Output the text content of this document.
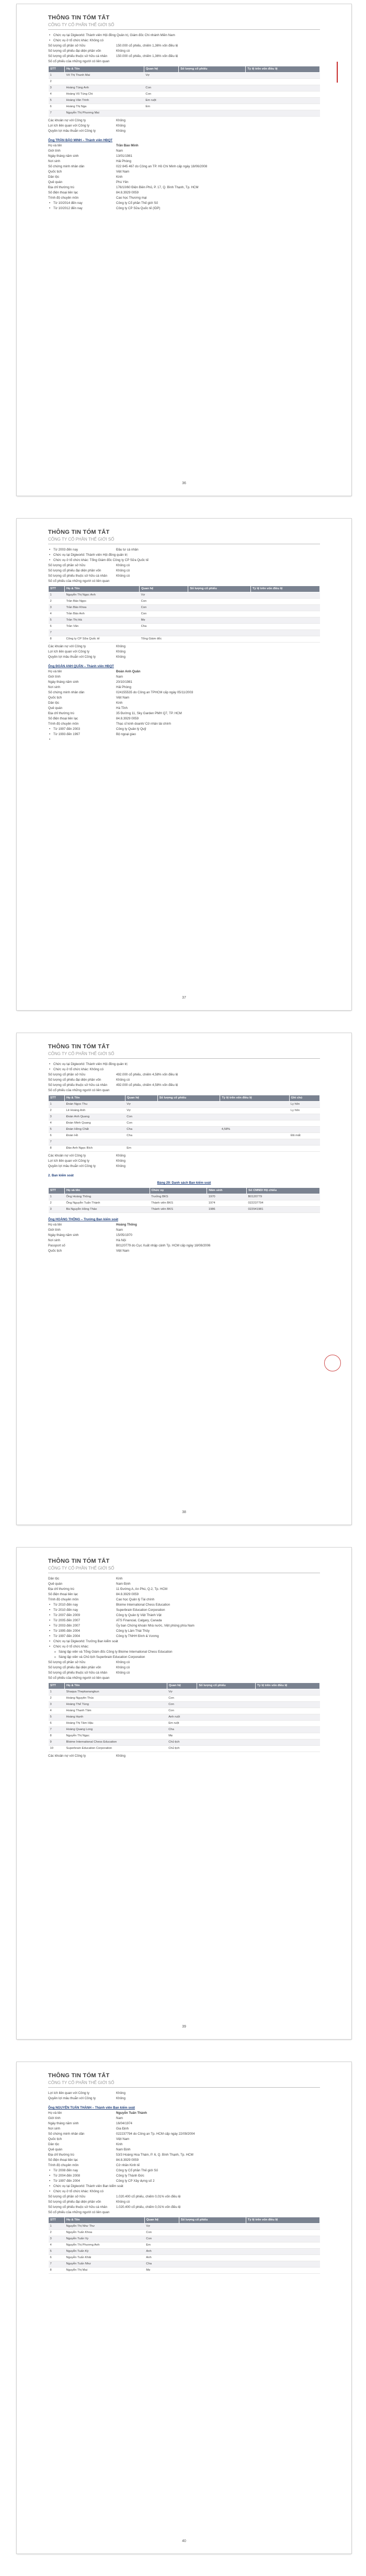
THÔNG TIN TÓM TẮT
CÔNG TY CỔ PHẦN THẾ GIỚI SỐ
• Chức vụ tại Digiworld: Thành viên Hội đồng Quản trị, Giám đốc Chi nhánh Miền Nam
• Chức vụ ở tổ chức khác: Không có
Số lượng cổ phần sở hữu	150.000 cổ phiếu, chiếm 1,36% vốn điều lệ
Số lượng cổ phiếu đại diện phần vốn	Không có
Số lượng cổ phiếu thuộc sở hữu cá nhân	150.000 cổ phiếu, chiếm 1,36% vốn điều lệ
Số cổ phiếu của những người có liên quan
STT	Họ & Tên	Quan hệ	Số lượng cổ phiếu	Tỷ lệ trên vốn điều lệ
1	Võ Thị Thanh Mai	Vợ		
2				
3	Hoàng Tùng Anh	Con		
4	Hoàng Vũ Tùng Chi	Con		
5	Hoàng Văn Trinh	Em ruột		
6	Hoàng Thị Nga	Em		
7	Nguyễn Thị Phương Mai			
Các khoản nợ với Công ty	Không
Lợi ích liên quan với Công ty	Không
Quyền lợi mâu thuẫn với Công ty	Không
Ông TRẦN BẢO MINH – Thành viên HĐQT
Họ và tên	Trần Bảo Minh
Giới tính	Nam
Ngày tháng năm sinh	13/01/1981
Nơi sinh	Hải Phòng
Số chứng minh nhân dân	022 845 467 do Công an TP. Hồ Chí Minh cấp ngày 18/06/2008
Quốc tịch	Việt Nam
Dân tộc	Kinh
Quê quán	Phú Yên
Địa chỉ thường trú	176/10/60 Điện Biên Phủ, P. 17, Q. Bình Thạnh, Tp. HCM
Số điện thoại liên lạc	84.8.3929 0059
Trình độ chuyên môn	Cao học Thương mại
• Từ 10/2014 đến nay	Công ty Cổ phần Thế giới Số
• Từ 10/2012 đến nay	Công ty CP Sữa Quốc tế (IDP)
36
THÔNG TIN TÓM TẮT
CÔNG TY CỔ PHẦN THẾ GIỚI SỐ
• Từ 2003 đến nay	Đầu tư cá nhân
• Chức vụ tại Digiworld: Thành viên Hội đồng quản trị
• Chức vụ ở tổ chức khác: Tổng Giám đốc Công ty CP Sữa Quốc tế
Số lượng cổ phần sở hữu	Không có
Số lượng cổ phiếu đại diện phần vốn	Không có
Số lượng cổ phiếu thuộc sở hữu cá nhân	Không có
Số cổ phiếu của những người có liên quan
STT	Họ & Tên	Quan hệ	Số lượng cổ phiếu	Tỷ lệ trên vốn điều lệ
1	Nguyễn Thị Ngọc Anh	Vợ		
2	Trần Bảo Ngọc	Con		
3	Trần Bảo Khoa	Con		
4	Trần Bảo Anh	Con		
5	Trần Thị Hà	Mẹ		
6	Trần Văn	Cha		
7				
8	Công ty CP Sữa Quốc tế	Tổng Giám đốc		
Các khoản nợ với Công ty	Không
Lợi ích liên quan với Công ty	Không
Quyền lợi mâu thuẫn với Công ty	Không
Ông ĐOÀN ANH QUÂN – Thành viên HĐQT
Họ và tên	Đoàn Anh Quân
Giới tính	Nam
Ngày tháng năm sinh	20/10/1981
Nơi sinh	Hải Phòng
Số chứng minh nhân dân	024155535 do Công an TPHCM cấp ngày 05/11/2003
Quốc tịch	Việt Nam
Dân tộc	Kinh
Quê quán	Hà Tĩnh
Địa chỉ thường trú	35 Đường 11, Sky Garden PMH Q7, TP. HCM
Số điện thoại liên lạc	84.8.3929 0059
Trình độ chuyên môn	Thạc sĩ kinh doanh/ Cử nhân tài chính
• Từ 1997 đến 2003	Công ty Quản lý Quỹ
• Từ 1993 đến 1997	Bộ ngoại giao
37
THÔNG TIN TÓM TẮT
CÔNG TY CỔ PHẦN THẾ GIỚI SỐ
• Chức vụ tại Digiworld: Thành viên Hội đồng quản trị
• Chức vụ ở tổ chức khác: Không có
Số lượng cổ phần sở hữu	492.000 cổ phiếu, chiếm 4,58% vốn điều lệ
Số lượng cổ phiếu đại diện phần vốn	Không có
Số lượng cổ phiếu thuộc sở hữu cá nhân	492.000 cổ phiếu, chiếm 4,58% vốn điều lệ
Số cổ phiếu của những người có liên quan
STT	Họ & Tên	Quan hệ	Số lượng cổ phiếu	Tỷ lệ trên vốn điều lệ	Ghi chú
1	Đoàn Ngọc Thu	Vợ			Ly hôn
2	Lê Hoàng Anh	Vợ			Ly hôn
3	Đoàn Anh Quang	Con			
4	Đoàn Minh Quang	Con			
5	Đoàn Hồng Chất	Cha		4,58%	
6	Đoàn Hồ	Cha			Đã mất
7					
8	Đào Anh Ngọc Bích	Em			
Các khoản nợ với Công ty	Không
Lợi ích liên quan với Công ty	Không
Quyền lợi mâu thuẫn với Công ty	Không
2. Ban kiểm soát
Bảng 29: Danh sách Ban kiểm soát
STT	Họ và tên	Chức vụ	Năm sinh	Số CMND/ Hộ chiếu
1	Ông Hoàng Thông	Trưởng BKS	1970	B0120779
2	Ông Nguyễn Tuấn Thành	Thành viên BKS	1974	022237794
3	Bà Nguyễn Hồng Thảo	Thành viên BKS	1986	022941981
Ông HOÀNG THÔNG – Trưởng Ban kiểm soát
Họ và tên	Hoàng Thông
Giới tính	Nam
Ngày tháng năm sinh	15/05/1970
Nơi sinh	Hà Nội
Passport số	B0120779 do Cục Xuất nhập cảnh Tp. HCM cấp ngày 18/08/2006
Quốc tịch	Việt Nam
38
THÔNG TIN TÓM TẮT
CÔNG TY CỔ PHẦN THẾ GIỚI SỐ
Dân tộc	Kinh
Quê quán	Nam Định
Địa chỉ thường trú	11 Đường A, An Phú, Q.2, Tp. HCM
Số điện thoại liên lạc	84.8.3929 0059
Trình độ chuyên môn	Cao học Quản lý Tài chính
• Từ 2010 đến nay	Bloime International Chess Education
• Từ 2010 đến nay	Superbrain Education Corporation
• Từ 2007 đến 2009	Công ty Quản lý Việt Thành Vật
• Từ 2005 đến 2007	ATS Financial, Calgary, Canada
• Từ 2003 đến 2007	Ủy ban Chứng khoán Nhà nước, Việt phòng phía Nam
• Từ 1995 đến 2004	Công ty Lâm Thái Thủy
• Từ 1997 đến 2004	Công ty TNHH Đình & Vương
• Chức vụ tại Digiworld: Trưởng Ban kiểm soát
• Chức vụ ở tổ chức khác:
o Sáng lập viên và Tổng Giám đốc Công ty Bloime International Chess Education
o Sáng lập viên và Chủ tịch Superbrain Education Corporation
Số lượng cổ phần sở hữu	Không có
Số lượng cổ phiếu đại diện phần vốn	Không có
Số lượng cổ phiếu thuộc sở hữu cá nhân	Không có
Số cổ phiếu của những người có liên quan
STT	Họ & Tên	Quan hệ	Số lượng cổ phiếu	Tỷ lệ trên vốn điều lệ
1	Shaqua Thepkanangkun	Vợ		
2	Hoàng Nguyên Thúc	Con		
3	Hoàng Thế Tùng	Con		
4	Hoàng Thanh Tâm	Con		
5	Hoàng Hạnh	Anh ruột		
6	Hoàng Thị Tâm Hậu	Em ruột		
7	Hoàng Quang Long	Cha		
8	Nguyễn Thị Ngọc	Mẹ		
9	Bloime International Chess Education	Chủ tịch		
10	Superbrain Education Corporation	Chủ tịch		
Các khoản nợ với Công ty	Không
39
THÔNG TIN TÓM TẮT
CÔNG TY CỔ PHẦN THẾ GIỚI SỐ
Lợi ích liên quan với Công ty	Không
Quyền lợi mâu thuẫn với Công ty	Không
Ông NGUYỄN TUẤN THÀNH – Thành viên Ban kiểm soát
Họ và tên	Nguyễn Tuấn Thành
Giới tính	Nam
Ngày tháng năm sinh	16/04/1974
Nơi sinh	Gia Định
Số chứng minh nhân dân	022237794 do Công an Tp. HCM cấp ngày 22/09/2004
Quốc tịch	Việt Nam
Dân tộc	Kinh
Quê quán	Nam Định
Địa chỉ thường trú	53/3 Hoàng Hoa Thám, P. 6, Q. Bình Thạnh, Tp. HCM
Số điện thoại liên lạc	84.8.3929 0059
Trình độ chuyên môn	Cử nhân Kinh tế
• Từ 2008 đến nay	Công ty Cổ phần Thế giới Số
• Từ 2004 đến 2008	Công ty Thành Đức
• Từ 1997 đến 2004	Công ty CP Xây dựng số 2
• Chức vụ tại Digiworld: Thành viên Ban kiểm soát
• Chức vụ ở tổ chức khác: Không có
Số lượng cổ phần sở hữu	1.020.400 cổ phiếu, chiếm 0,01% vốn điều lệ
Số lượng cổ phiếu đại diện phần vốn	Không có
Số lượng cổ phiếu thuộc sở hữu cá nhân	1.020.400 cổ phiếu, chiếm 0,01% vốn điều lệ
Số cổ phiếu của những người có liên quan
STT	Họ & Tên	Quan hệ	Số lượng cổ phiếu	Tỷ lệ trên vốn điều lệ
1	Nguyễn Thị Như Thư	Vợ		
2	Nguyễn Tuấn Khoa	Con		
3	Nguyễn Tuấn Vy	Con		
4	Nguyễn Thị Phương Anh	Em		
5	Nguyễn Tuấn Kỳ	Anh		
6	Nguyễn Tuấn Khải	Anh		
7	Nguyễn Tuấn Như	Cha		
8	Nguyễn Thị Mai	Mẹ		
40
